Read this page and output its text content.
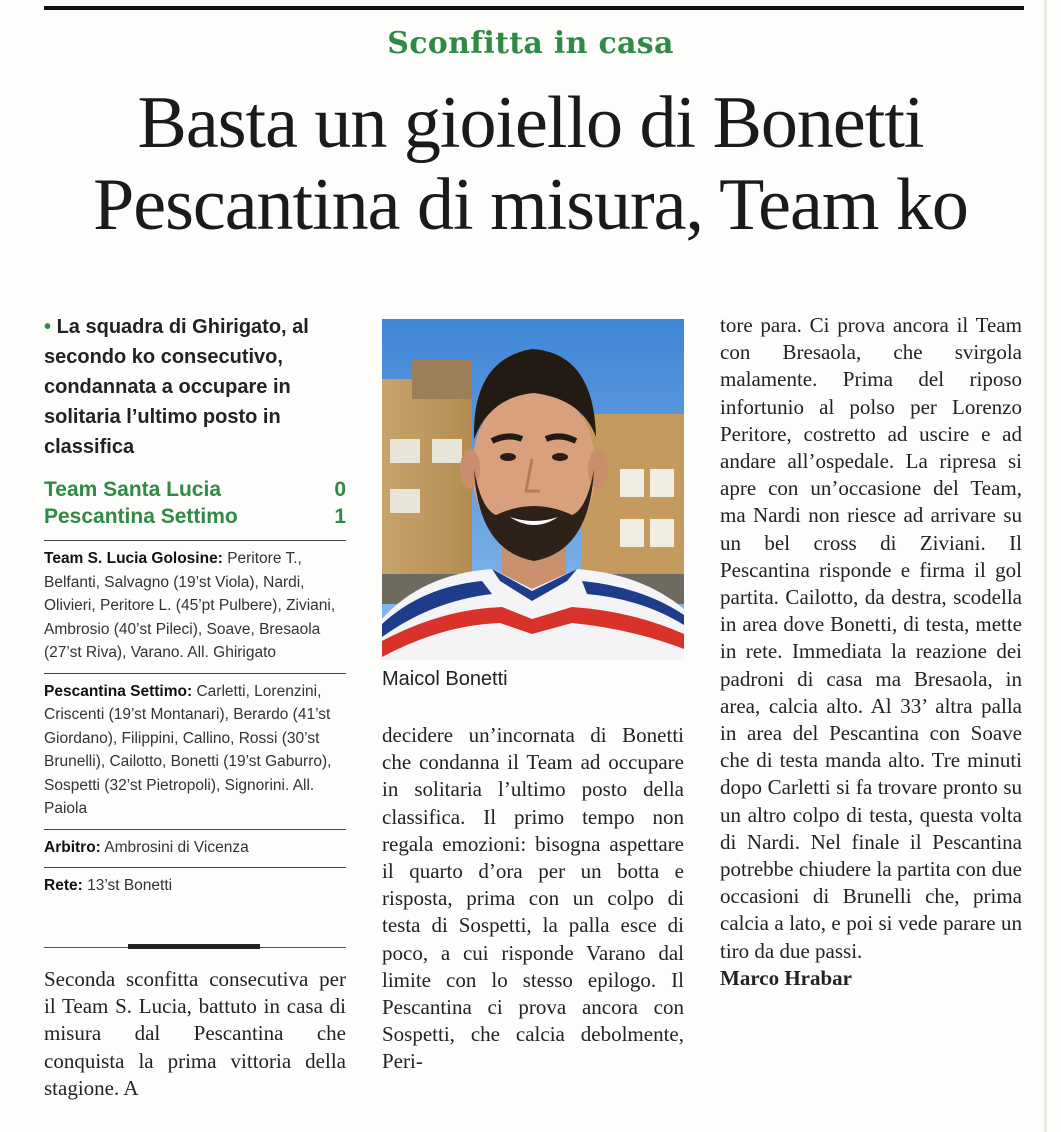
Sconfitta in casa
Basta un gioiello di Bonetti
Pescantina di misura, Team ko

• La squadra di Ghirigato, al secondo ko consecutivo, condannata a occupare in solitaria l’ultimo posto in classifica

Team Santa Lucia	0
Pescantina Settimo	1
Team S. Lucia Golosine: Peritore T., Belfanti, Salvagno (19’st Viola), Nardi, Olivieri, Peritore L. (45’pt Pulbere), Ziviani, Ambrosio (40’st Pileci), Soave, Bresaola (27’st Riva), Varano. All. Ghirigato
Pescantina Settimo: Carletti, Lorenzini, Criscenti (19’st Montanari), Berardo (41’st Giordano), Filippini, Callino, Rossi (30’st Brunelli), Cailotto, Bonetti (19’st Gaburro), Sospetti (32’st Pietropoli), Signorini. All. Paiola
Arbitro: Ambrosini di Vicenza
Rete: 13’st Bonetti
Maicol Bonetti

Seconda sconfitta consecutiva per il Team S. Lucia, battuto in casa di misura dal Pescantina che conquista la prima vittoria della stagione. A

decidere un’incornata di Bonetti che condanna il Team ad occupare in solitaria l’ultimo posto della classifica. Il primo tempo non regala emozioni: bisogna aspettare il quarto d’ora per un botta e risposta, prima con un colpo di testa di Sospetti, la palla esce di poco, a cui risponde Varano dal limite con lo stesso epilogo. Il Pescantina ci prova ancora con Sospetti, che calcia debolmente, Peri-

tore para. Ci prova ancora il Team con Bresaola, che svirgola malamente. Prima del riposo infortunio al polso per Lorenzo Peritore, costretto ad uscire e ad andare all’ospedale. La ripresa si apre con un’occasione del Team, ma Nardi non riesce ad arrivare su un bel cross di Ziviani. Il Pescantina risponde e firma il gol partita. Cailotto, da destra, scodella in area dove Bonetti, di testa, mette in rete. Immediata la reazione dei padroni di casa ma Bresaola, in area, calcia alto. Al 33’ altra palla in area del Pescantina con Soave che di testa manda alto. Tre minuti dopo Carletti si fa trovare pronto su un altro colpo di testa, questa volta di Nardi. Nel finale il Pescantina potrebbe chiudere la partita con due occasioni di Brunelli che, prima calcia a lato, e poi si vede parare un tiro da due passi.

Marco Hrabar
